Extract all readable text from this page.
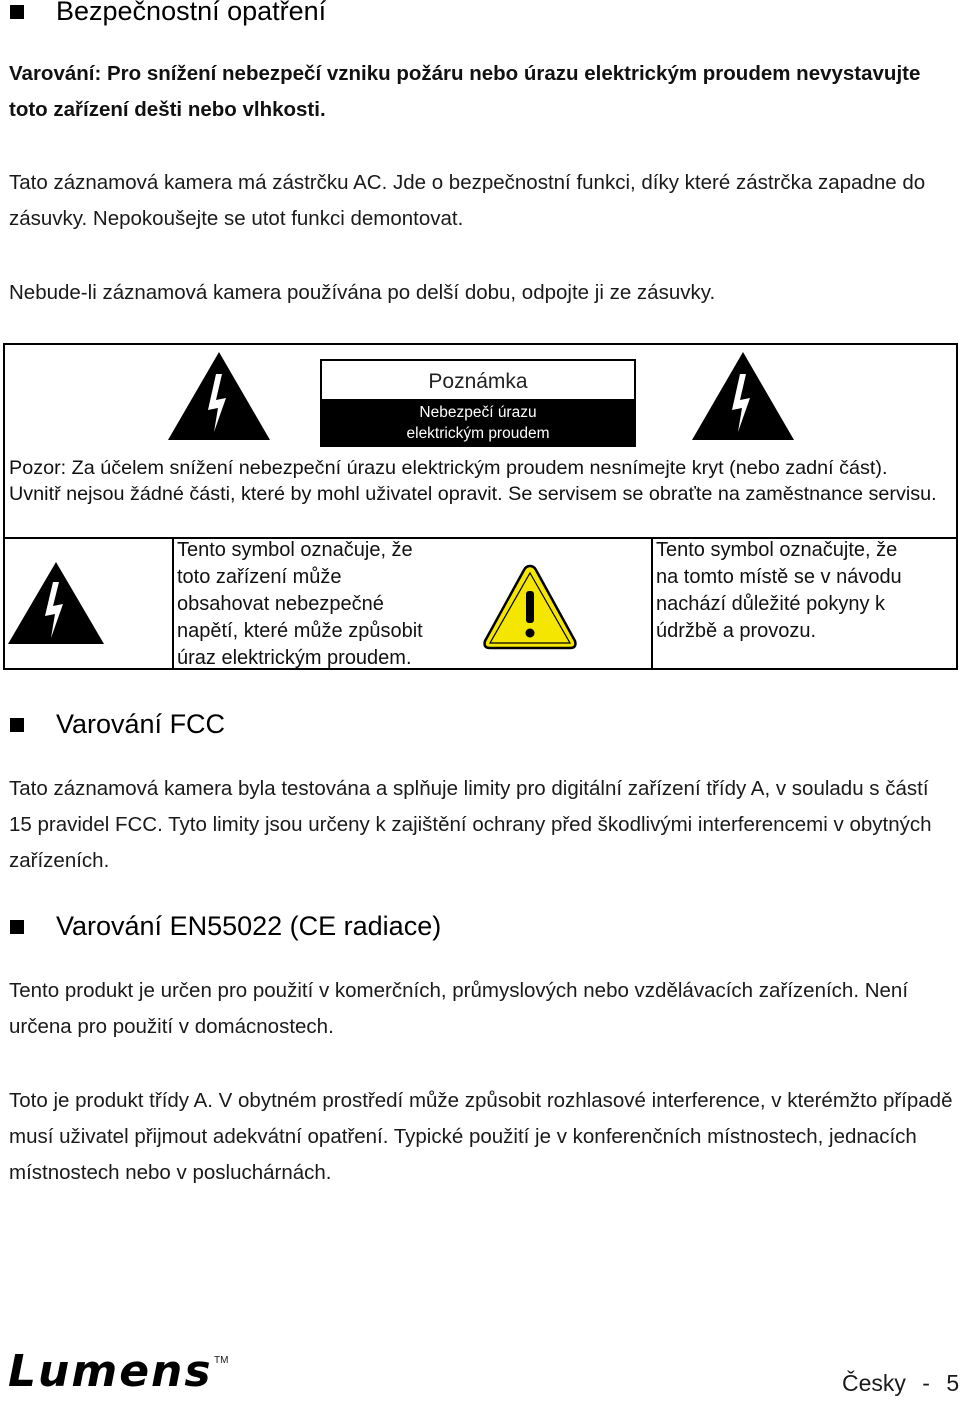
Bezpečnostní opatření
Varování: Pro snížení nebezpečí vzniku požáru nebo úrazu elektrickým proudem nevystavujte toto zařízení dešti nebo vlhkosti.
Tato záznamová kamera má zástrčku AC. Jde o bezpečnostní funkci, díky které zástrčka zapadne do zásuvky. Nepokoušejte se utot funkci demontovat.
Nebude-li záznamová kamera používána po delší dobu, odpojte ji ze zásuvky.
Poznámka
Nebezpečí úrazu
elektrickým proudem
Pozor: Za účelem snížení nebezpeční úrazu elektrickým proudem nesnímejte kryt (nebo zadní část). Uvnitř nejsou žádné části, které by mohl uživatel opravit. Se servisem se obraťte na zaměstnance servisu.
Tento symbol označuje, že
toto zařízení může
obsahovat nebezpečné
napětí, které může způsobit
úraz elektrickým proudem.
Tento symbol označujte, že
na tomto místě se v návodu
nachází důležité pokyny k
údržbě a provozu.
Varování FCC
Tato záznamová kamera byla testována a splňuje limity pro digitální zařízení třídy A, v souladu s částí 15 pravidel FCC. Tyto limity jsou určeny k zajištění ochrany před škodlivými interferencemi v obytných zařízeních.
Varování EN55022 (CE radiace)
Tento produkt je určen pro použití v komerčních, průmyslových nebo vzdělávacích zařízeních. Není určena pro použití v domácnostech.
Toto je produkt třídy A. V obytném prostředí může způsobit rozhlasové interference, v kterémžto případě musí uživatel přijmout adekvátní opatření. Typické použití je v konferenčních místnostech, jednacích místnostech nebo v posluchárnách.
Lumens TM
Česky - 5
